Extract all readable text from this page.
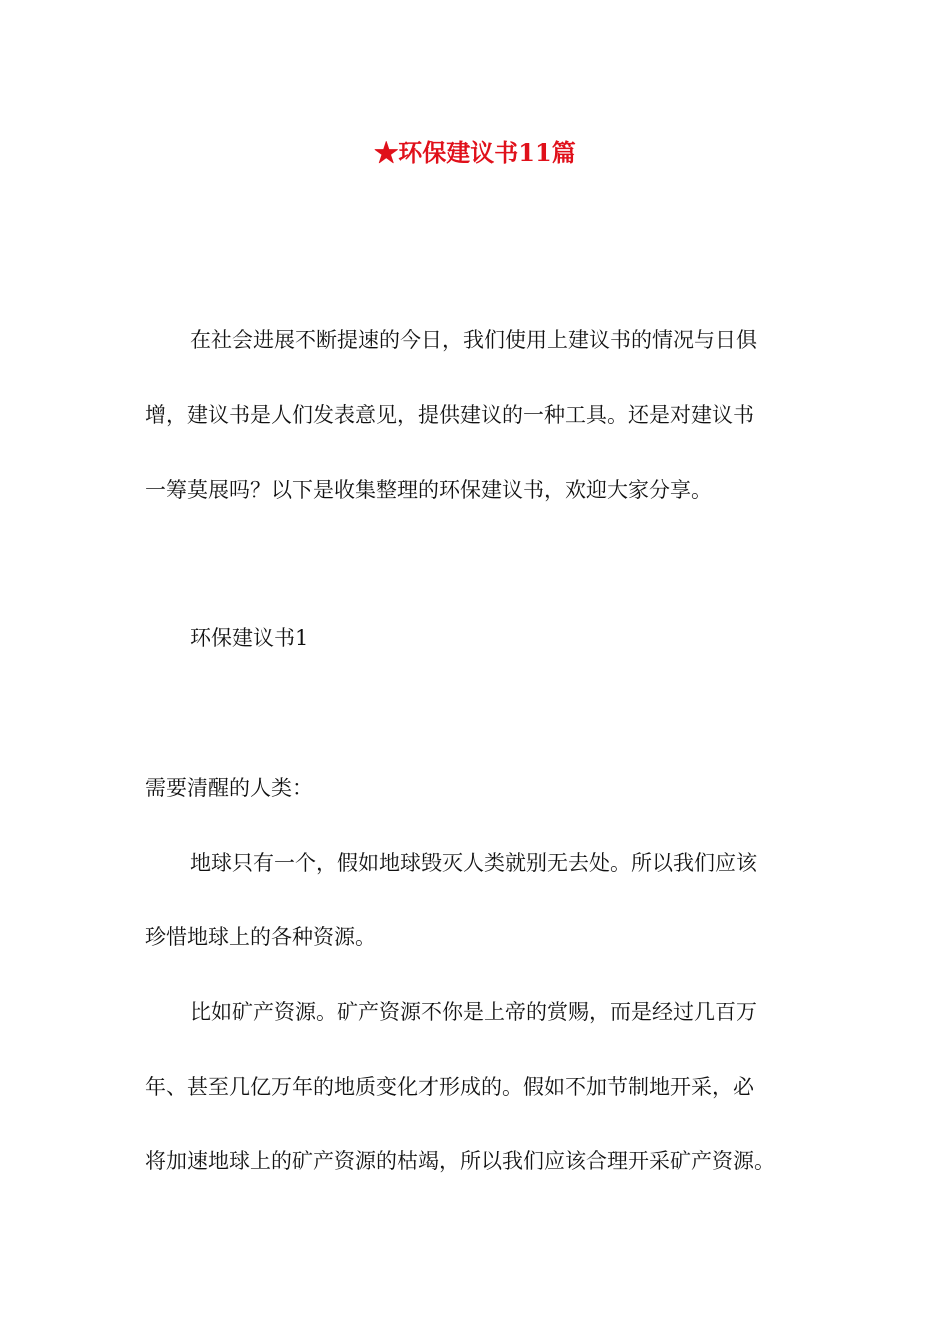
★环保建议书11篇

在社会进展不断提速的今日，我们使用上建议书的情况与日俱

增，建议书是人们发表意见，提供建议的一种工具。还是对建议书

一筹莫展吗？以下是收集整理的环保建议书，欢迎大家分享。

环保建议书1

需要清醒的人类：

地球只有一个，假如地球毁灭人类就别无去处。所以我们应该

珍惜地球上的各种资源。

比如矿产资源。矿产资源不你是上帝的赏赐，而是经过几百万

年、甚至几亿万年的地质变化才形成的。假如不加节制地开采，必

将加速地球上的矿产资源的枯竭，所以我们应该合理开采矿产资源。
